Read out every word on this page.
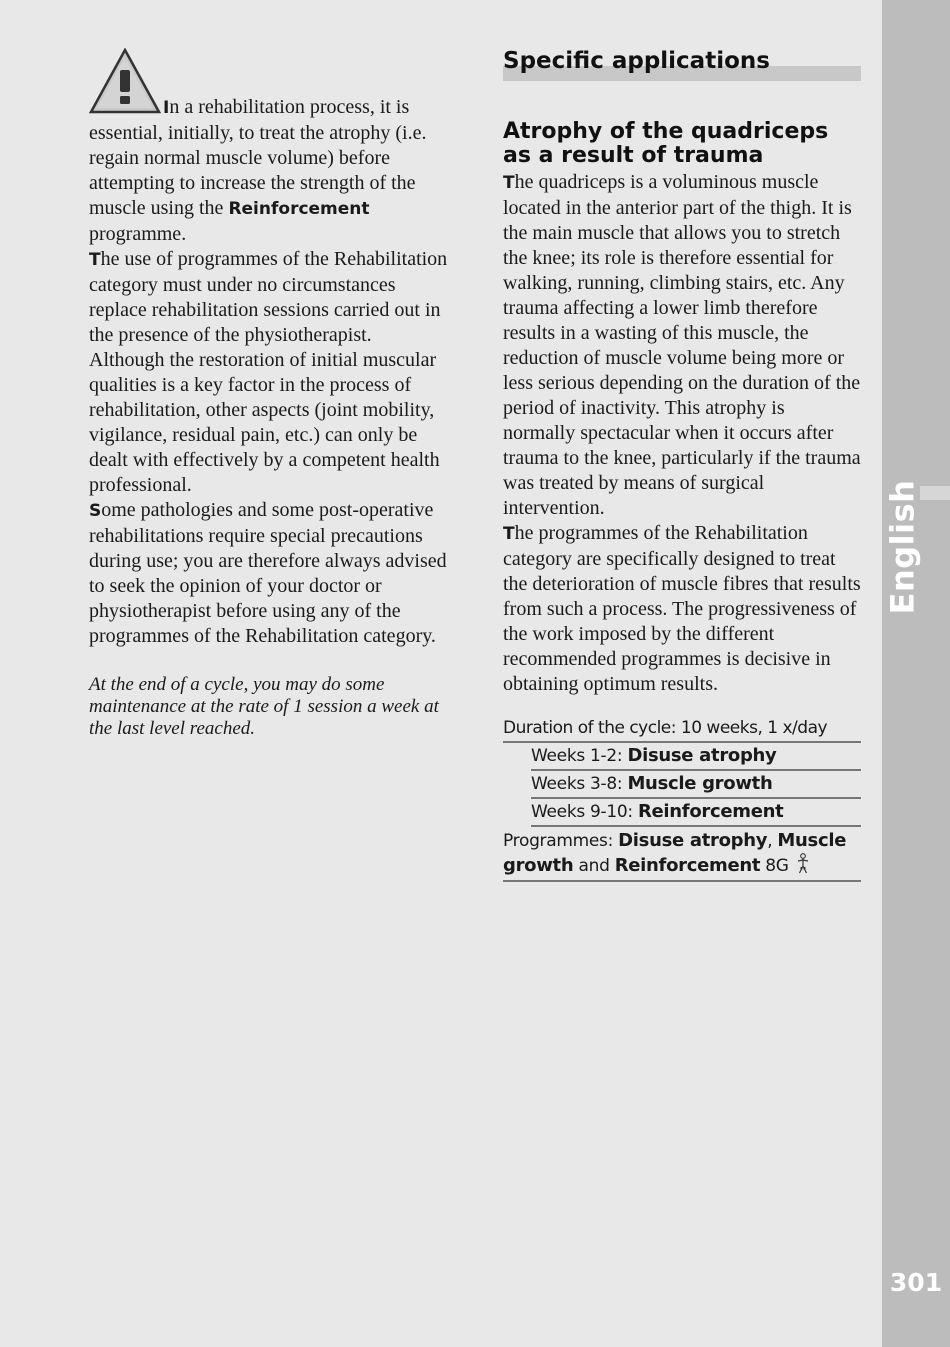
English
301

In a rehabilitation process, it is essential, initially, to treat the atrophy (i.e. regain normal muscle volume) before attempting to increase the strength of the muscle using the Reinforcement programme.

The use of programmes of the Rehabilitation category must under no circumstances replace rehabilitation sessions carried out in the presence of the physiotherapist. Although the restoration of initial muscular qualities is a key factor in the process of rehabilitation, other aspects (joint mobility, vigilance, residual pain, etc.) can only be dealt with effectively by a competent health professional.

Some pathologies and some post-operative rehabilitations require special precautions during use; you are therefore always advised to seek the opinion of your doctor or physiotherapist before using any of the programmes of the Rehabilitation category.

At the end of a cycle, you may do some maintenance at the rate of 1 session a week at the last level reached.

Specific applications
Atrophy of the quadriceps as a result of trauma

The quadriceps is a voluminous muscle located in the anterior part of the thigh. It is the main muscle that allows you to stretch the knee; its role is therefore essential for walking, running, climbing stairs, etc. Any trauma affecting a lower limb therefore results in a wasting of this muscle, the reduction of muscle volume being more or less serious depending on the duration of the period of inactivity. This atrophy is normally spectacular when it occurs after trauma to the knee, particularly if the trauma was treated by means of surgical intervention.

The programmes of the Rehabilitation category are specifically designed to treat the deterioration of muscle fibres that results from such a process. The progressiveness of the work imposed by the different recommended programmes is decisive in obtaining optimum results.

Duration of the cycle: 10 weeks, 1 x/day
Weeks 1-2: Disuse atrophy
Weeks 3-8: Muscle growth
Weeks 9-10: Reinforcement
Programmes: Disuse atrophy, Muscle growth and Reinforcement 8G
